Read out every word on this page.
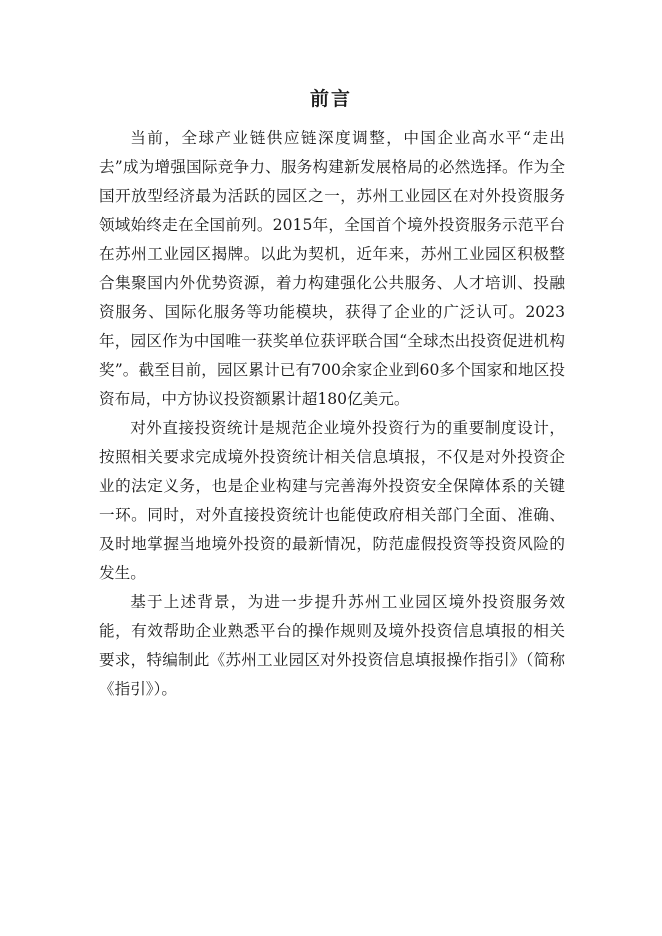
前言

当前，全球产业链供应链深度调整，中国企业高水平“走出去”成为增强国际竞争力、服务构建新发展格局的必然选择。作为全国开放型经济最为活跃的园区之一，苏州工业园区在对外投资服务领域始终走在全国前列。2015年，全国首个境外投资服务示范平台在苏州工业园区揭牌。以此为契机，近年来，苏州工业园区积极整合集聚国内外优势资源，着力构建强化公共服务、人才培训、投融资服务、国际化服务等功能模块，获得了企业的广泛认可。2023年，园区作为中国唯一获奖单位获评联合国“全球杰出投资促进机构奖”。截至目前，园区累计已有700余家企业到60多个国家和地区投资布局，中方协议投资额累计超180亿美元。

对外直接投资统计是规范企业境外投资行为的重要制度设计，按照相关要求完成境外投资统计相关信息填报，不仅是对外投资企业的法定义务，也是企业构建与完善海外投资安全保障体系的关键一环。同时，对外直接投资统计也能使政府相关部门全面、准确、及时地掌握当地境外投资的最新情况，防范虚假投资等投资风险的发生。

基于上述背景，为进一步提升苏州工业园区境外投资服务效能，有效帮助企业熟悉平台的操作规则及境外投资信息填报的相关要求，特编制此《苏州工业园区对外投资信息填报操作指引》（简称《指引》）。
